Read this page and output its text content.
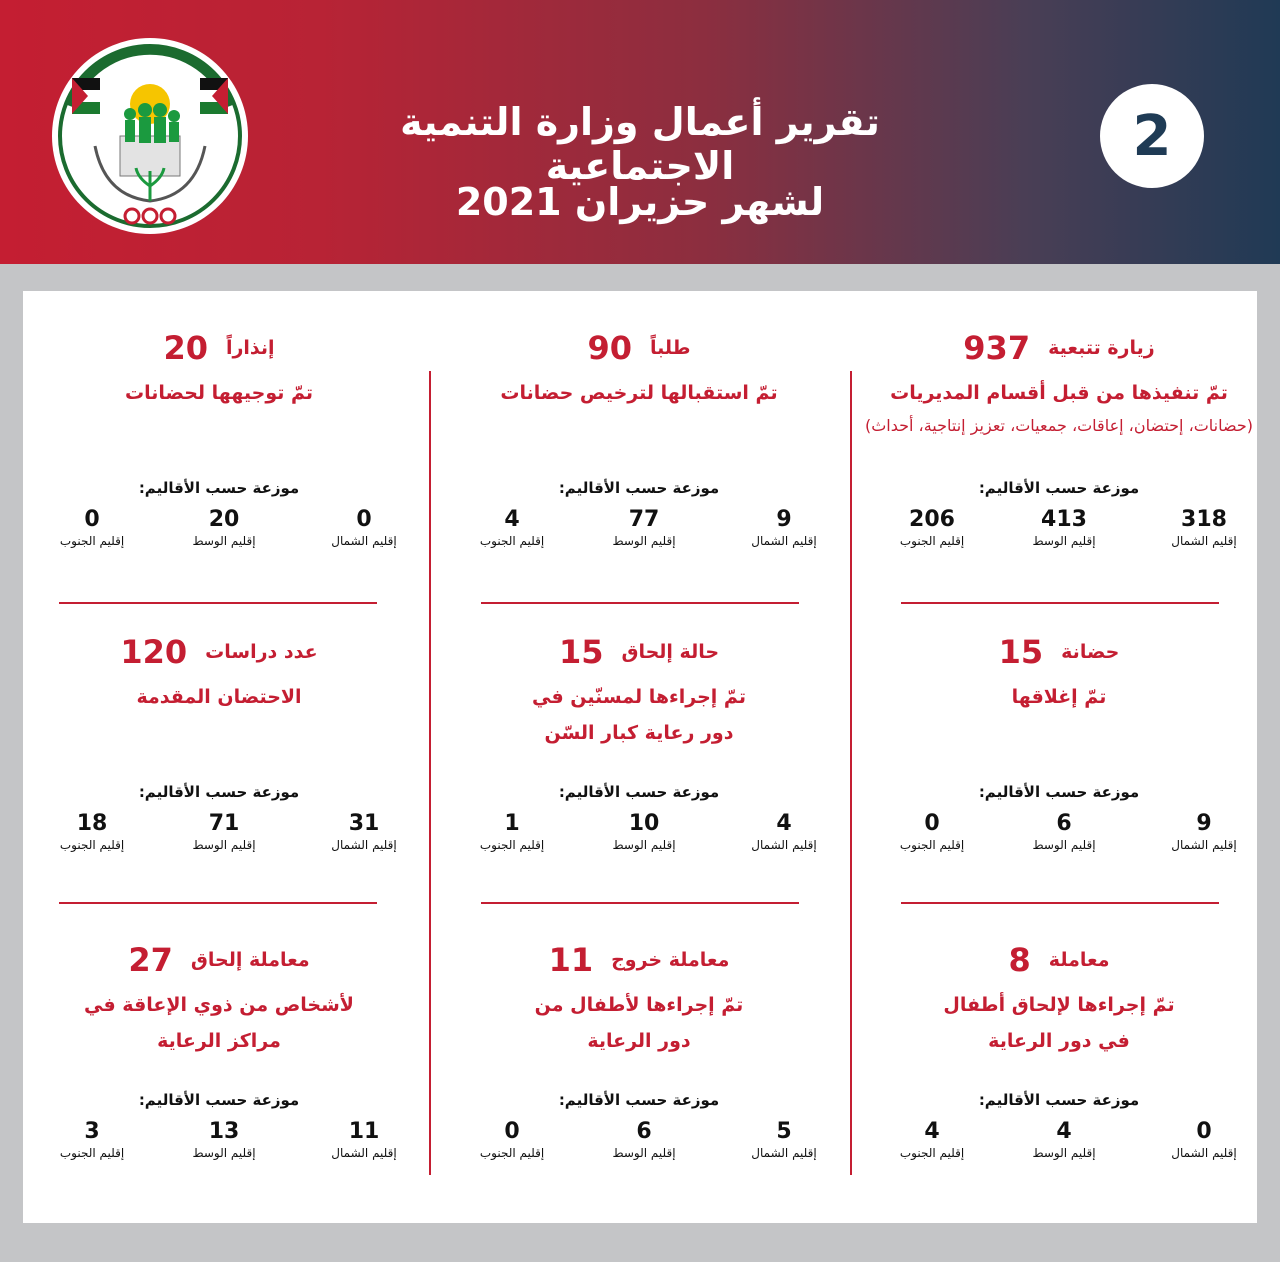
تقرير أعمال وزارة التنمية الاجتماعية
لشهر حزيران 2021
2
زيارة تتبعية937
تمّ تنفيذها من قبل أقسام المديريات
(حضانات، إحتضان، إعاقات، جمعيات، تعزيز إنتاجية، أحداث)
موزعة حسب الأقاليم:
318
إقليم الشمال
413
إقليم الوسط
206
إقليم الجنوب
طلباً90
تمّ استقبالها لترخيص حضانات
موزعة حسب الأقاليم:
9
إقليم الشمال
77
إقليم الوسط
4
إقليم الجنوب
إنذاراً20
تمّ توجيهها لحضانات
موزعة حسب الأقاليم:
0
إقليم الشمال
20
إقليم الوسط
0
إقليم الجنوب
حضانة15
تمّ إغلاقها
موزعة حسب الأقاليم:
9
إقليم الشمال
6
إقليم الوسط
0
إقليم الجنوب
حالة إلحاق15
تمّ إجراءها لمسنّين في دور رعاية كبار السّن
موزعة حسب الأقاليم:
4
إقليم الشمال
10
إقليم الوسط
1
إقليم الجنوب
عدد دراسات120
الاحتضان المقدمة
موزعة حسب الأقاليم:
31
إقليم الشمال
71
إقليم الوسط
18
إقليم الجنوب
معاملة8
تمّ إجراءها لإلحاق أطفال في دور الرعاية
موزعة حسب الأقاليم:
0
إقليم الشمال
4
إقليم الوسط
4
إقليم الجنوب
معاملة خروج11
تمّ إجراءها لأطفال من دور الرعاية
موزعة حسب الأقاليم:
5
إقليم الشمال
6
إقليم الوسط
0
إقليم الجنوب
معاملة إلحاق27
لأشخاص من ذوي الإعاقة في مراكز الرعاية
موزعة حسب الأقاليم:
11
إقليم الشمال
13
إقليم الوسط
3
إقليم الجنوب
